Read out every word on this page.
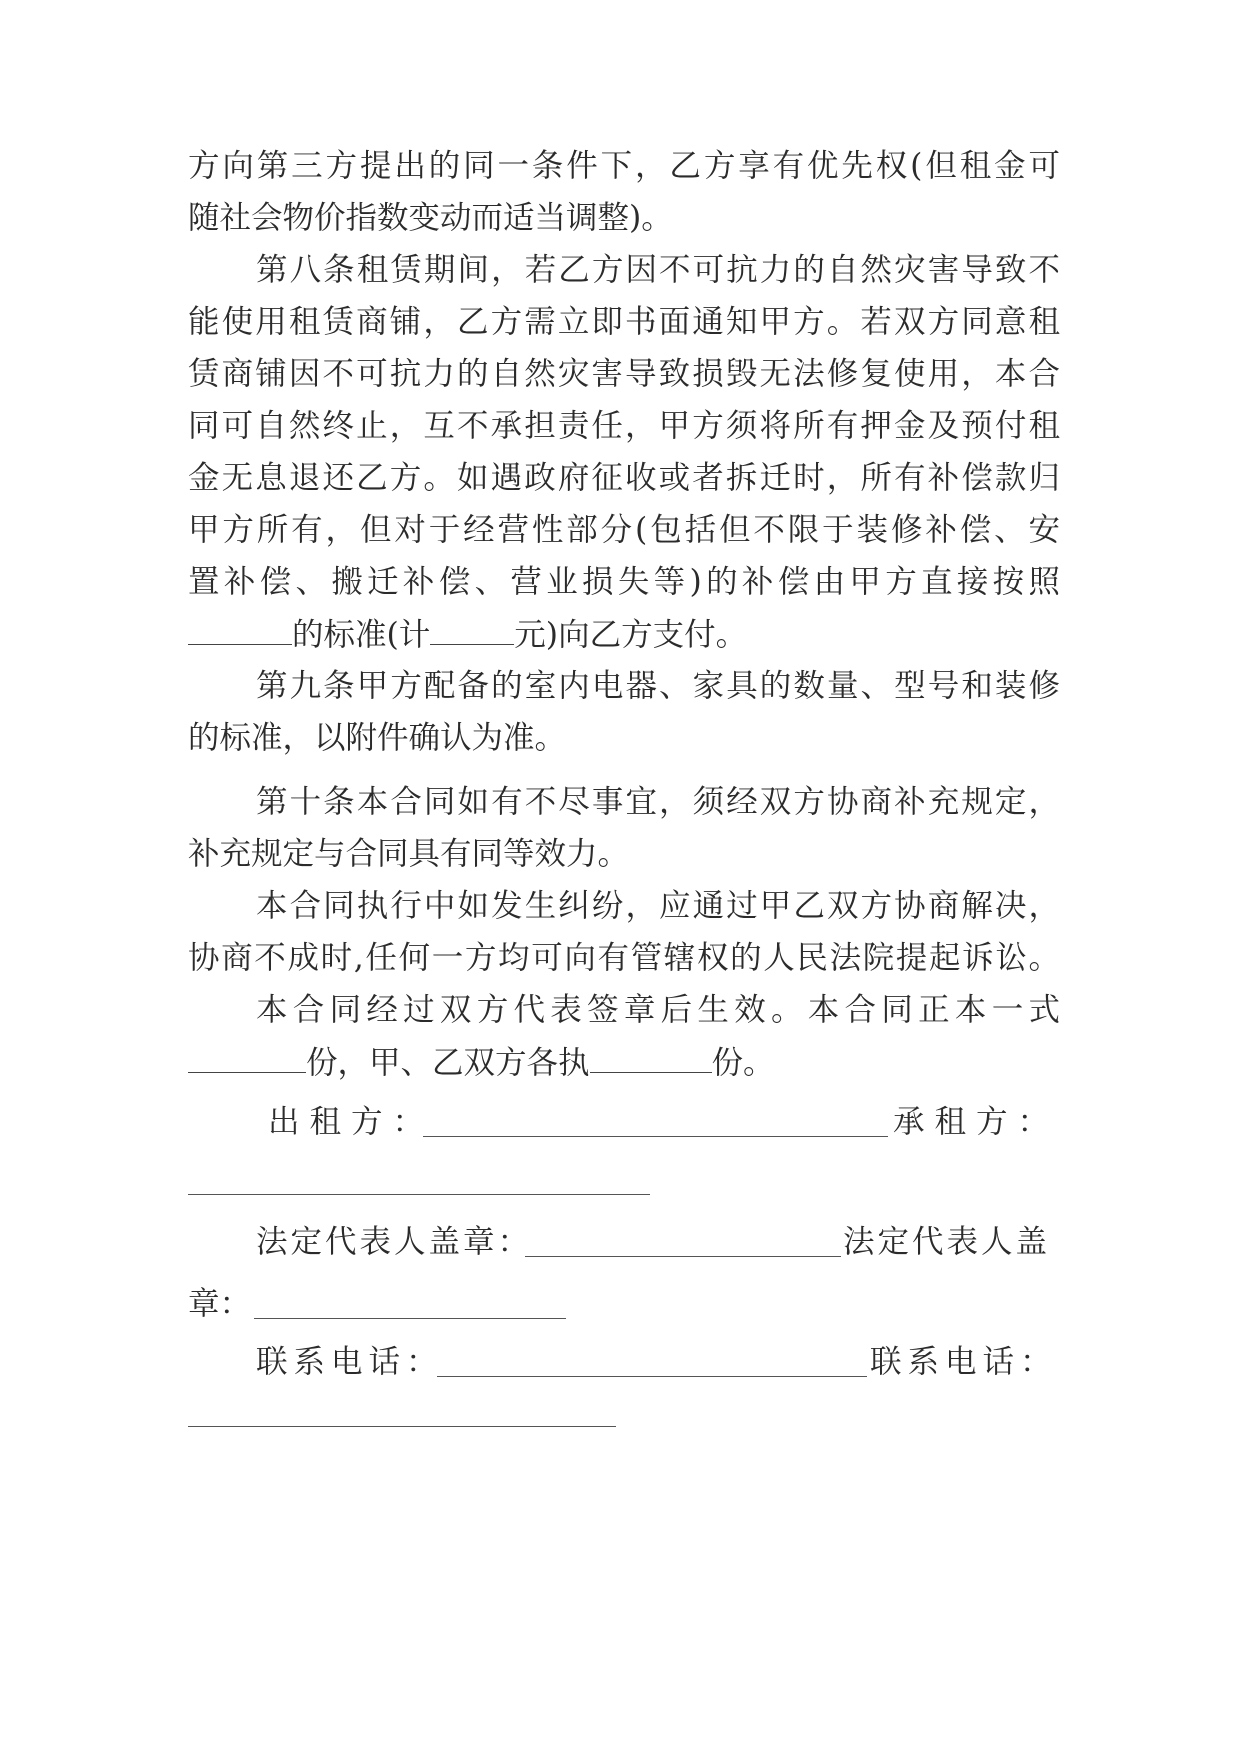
方向第三方提出的同一条件下，乙方享有优先权(但租金可
随社会物价指数变动而适当调整)。
第八条租赁期间，若乙方因不可抗力的自然灾害导致不
能使用租赁商铺，乙方需立即书面通知甲方。若双方同意租
赁商铺因不可抗力的自然灾害导致损毁无法修复使用，本合
同可自然终止，互不承担责任，甲方须将所有押金及预付租
金无息退还乙方。如遇政府征收或者拆迁时，所有补偿款归
甲方所有，但对于经营性部分(包括但不限于装修补偿、安
置补偿、搬迁补偿、营业损失等)的补偿由甲方直接按照
的标准(计	元)向乙方支付。
第九条甲方配备的室内电器、家具的数量、型号和装修
的标准，以附件确认为准。
第十条本合同如有不尽事宜，须经双方协商补充规定，
补充规定与合同具有同等效力。
本合同执行中如发生纠纷，应通过甲乙双方协商解决，
协商不成时,任何一方均可向有管辖权的人民法院提起诉讼。
本合同经过双方代表签章后生效。本合同正本一式
份，甲、乙双方各执	份。
出租方：	承租方：
法定代表人盖章：	法定代表人盖
章：
联系电话：	联系电话：
